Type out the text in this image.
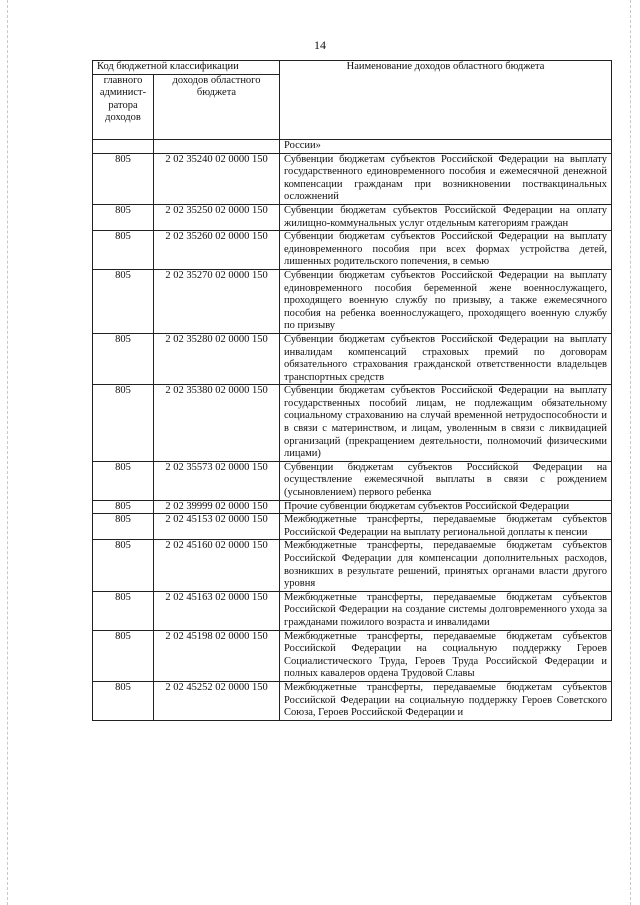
14
Код бюджетной классификации		Наименование доходов областного бюджета
главного админист-ратора доходов	доходов областного бюджета	
		России»
805	2 02 35240 02 0000 150	Субвенции бюджетам субъектов Российской Федерации на выплату государственного единовременного пособия и ежемесячной денежной компенсации гражданам при возникновении поствакцинальных осложнений
805	2 02 35250 02 0000 150	Субвенции бюджетам субъектов Российской Федерации на оплату жилищно-коммунальных услуг отдельным категориям граждан
805	2 02 35260 02 0000 150	Субвенции бюджетам субъектов Российской Федерации на выплату единовременного пособия при всех формах устройства детей, лишенных родительского попечения, в семью
805	2 02 35270 02 0000 150	Субвенции бюджетам субъектов Российской Федерации на выплату единовременного пособия беременной жене военнослужащего, проходящего военную службу по призыву, а также ежемесячного пособия на ребенка военнослужащего, проходящего военную службу по призыву
805	2 02 35280 02 0000 150	Субвенции бюджетам субъектов Российской Федерации на выплату инвалидам компенсаций страховых премий по договорам обязательного страхования гражданской ответственности владельцев транспортных средств
805	2 02 35380 02 0000 150	Субвенции бюджетам субъектов Российской Федерации на выплату государственных пособий лицам, не подлежащим обязательному социальному страхованию на случай временной нетрудоспособности и в связи с материнством, и лицам, уволенным в связи с ликвидацией организаций (прекращением деятельности, полномочий физическими лицами)
805	2 02 35573 02 0000 150	Субвенции бюджетам субъектов Российской Федерации на осуществление ежемесячной выплаты в связи с рождением (усыновлением) первого ребенка
805	2 02 39999 02 0000 150	Прочие субвенции бюджетам субъектов Российской Федерации
805	2 02 45153 02 0000 150	Межбюджетные трансферты, передаваемые бюджетам субъектов Российской Федерации на выплату региональной доплаты к пенсии
805	2 02 45160 02 0000 150	Межбюджетные трансферты, передаваемые бюджетам субъектов Российской Федерации для компенсации дополнительных расходов, возникших в результате решений, принятых органами власти другого уровня
805	2 02 45163 02 0000 150	Межбюджетные трансферты, передаваемые бюджетам субъектов Российской Федерации на создание системы долговременного ухода за гражданами пожилого возраста и инвалидами
805	2 02 45198 02 0000 150	Межбюджетные трансферты, передаваемые бюджетам субъектов Российской Федерации на социальную поддержку Героев Социалистического Труда, Героев Труда Российской Федерации и полных кавалеров ордена Трудовой Славы
805	2 02 45252 02 0000 150	Межбюджетные трансферты, передаваемые бюджетам субъектов Российской Федерации на социальную поддержку Героев Советского Союза, Героев Российской Федерации и
